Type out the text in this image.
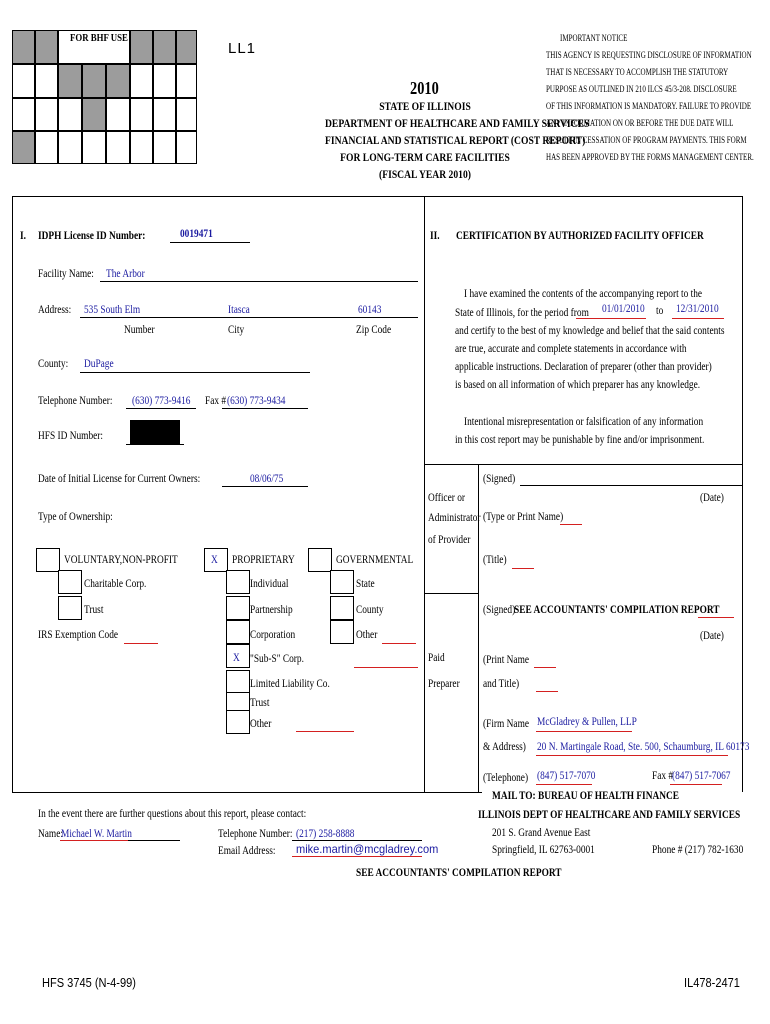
FOR BHF USE
LL1
2010
STATE OF ILLINOIS
DEPARTMENT OF HEALTHCARE AND FAMILY SERVICES
FINANCIAL AND STATISTICAL REPORT (COST REPORT)
FOR LONG-TERM CARE FACILITIES
(FISCAL YEAR 2010)
IMPORTANT NOTICE
THIS AGENCY IS REQUESTING DISCLOSURE OF INFORMATION
THAT IS NECESSARY TO ACCOMPLISH THE STATUTORY
PURPOSE AS OUTLINED IN 210 ILCS 45/3-208. DISCLOSURE
OF THIS INFORMATION IS MANDATORY. FAILURE TO PROVIDE
ANY INFORMATION ON OR BEFORE THE DUE DATE WILL
RESULT IN CESSATION OF PROGRAM PAYMENTS. THIS FORM
HAS BEEN APPROVED BY THE FORMS MANAGEMENT CENTER.
I. IDPH License ID Number:	0019471
Facility Name: The Arbor
Address: 535 South Elm	Itasca	60143
Number	City	Zip Code
County: DuPage
Telephone Number: (630) 773-9416 Fax # (630) 773-9434
HFS ID Number:
Date of Initial License for Current Owners:	08/06/75
Type of Ownership:
VOLUNTARY,NON-PROFIT
Charitable Corp.
Trust
IRS Exemption Code
X PROPRIETARY
Individual
Partnership
Corporation
X "Sub-S" Corp.
Limited Liability Co.
Trust
Other
GOVERNMENTAL
State
County
Other
In the event there are further questions about this report, please contact:
Name:
Michael W. Martin	Telephone Number: (217) 258-8888
Email Address: mike.martin@mcgladrey.com
II. CERTIFICATION BY AUTHORIZED FACILITY OFFICER
I have examined the contents of the accompanying report to the
State of Illinois, for the period from 01/01/2010 to 12/31/2010
and certify to the best of my knowledge and belief that the said contents
are true, accurate and complete statements in accordance with
applicable instructions. Declaration of preparer (other than provider)
is based on all information of which preparer has any knowledge.
Intentional misrepresentation or falsification of any information
in this cost report may be punishable by fine and/or imprisonment.
Officer or
Administrator
of Provider
(Signed)
(Date)
(Type or Print Name)
(Title)
(Signed)
SEE ACCOUNTANTS' COMPILATION REPORT
(Date)
Paid
Preparer
(Print Name
and Title)
(Firm Name McGladrey & Pullen, LLP
& Address) 20 N. Martingale Road, Ste. 500, Schaumburg, IL 60173
(Telephone) (847) 517-7070	Fax #
(847) 517-7067
MAIL TO: BUREAU OF HEALTH FINANCE
ILLINOIS DEPT OF HEALTHCARE AND FAMILY SERVICES
201 S. Grand Avenue East
Springfield, IL 62763-0001	Phone # (217) 782-1630
SEE ACCOUNTANTS' COMPILATION REPORT
HFS 3745 (N-4-99)	IL478-2471
